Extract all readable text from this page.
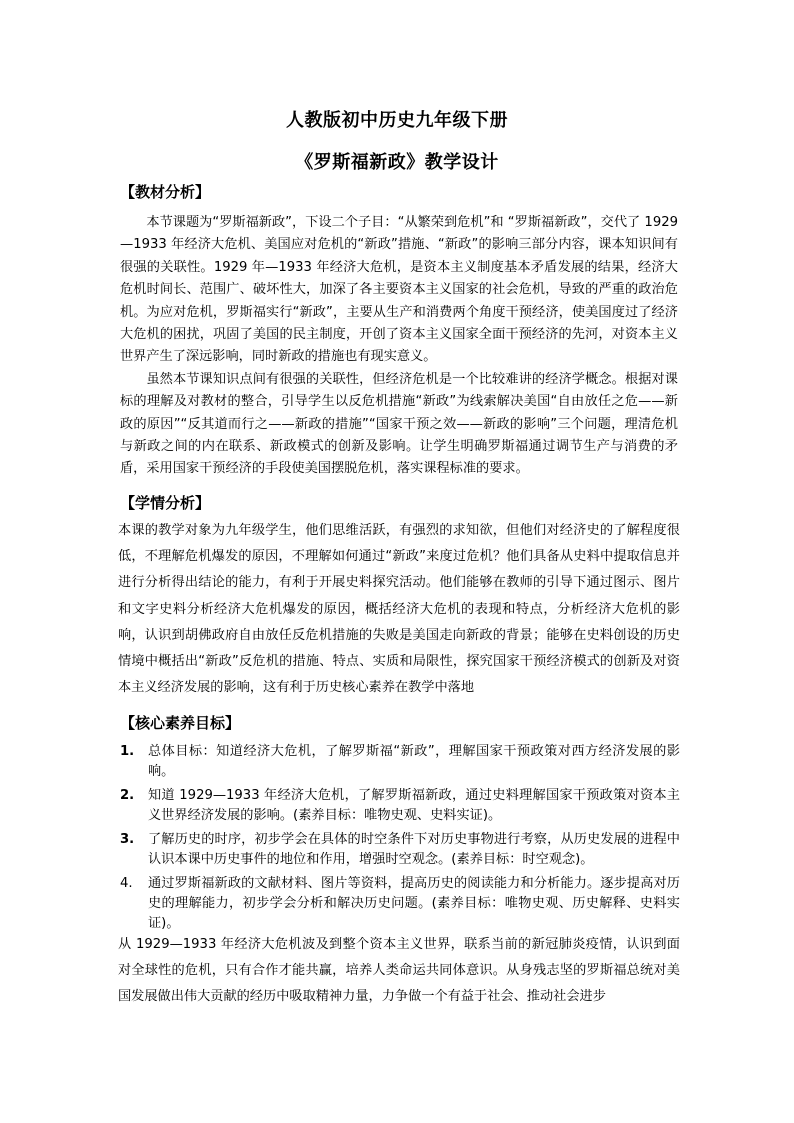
人教版初中历史九年级下册
《罗斯福新政》教学设计
【教材分析】

本节课题为“罗斯福新政”，下设二个子目：“从繁荣到危机”和 “罗斯福新政”，交代了 1929—1933 年经济大危机、美国应对危机的“新政”措施、“新政”的影响三部分内容，课本知识间有很强的关联性。1929 年—1933 年经济大危机，是资本主义制度基本矛盾发展的结果，经济大危机时间长、范围广、破坏性大，加深了各主要资本主义国家的社会危机，导致的严重的政治危机。为应对危机，罗斯福实行“新政”，主要从生产和消费两个角度干预经济，使美国度过了经济大危机的困扰，巩固了美国的民主制度，开创了资本主义国家全面干预经济的先河，对资本主义世界产生了深远影响，同时新政的措施也有现实意义。

虽然本节课知识点间有很强的关联性，但经济危机是一个比较难讲的经济学概念。根据对课标的理解及对教材的整合，引导学生以反危机措施“新政”为线索解决美国“自由放任之危——新政的原因”“反其道而行之——新政的措施”“国家干预之效——新政的影响”三个问题，理清危机与新政之间的内在联系、新政模式的创新及影响。让学生明确罗斯福通过调节生产与消费的矛盾，采用国家干预经济的手段使美国摆脱危机，落实课程标准的要求。

【学情分析】

本课的教学对象为九年级学生，他们思维活跃，有强烈的求知欲，但他们对经济史的了解程度很低，不理解危机爆发的原因，不理解如何通过“新政”来度过危机？他们具备从史料中提取信息并进行分析得出结论的能力，有利于开展史料探究活动。他们能够在教师的引导下通过图示、图片和文字史料分析经济大危机爆发的原因，概括经济大危机的表现和特点，分析经济大危机的影响，认识到胡佛政府自由放任反危机措施的失败是美国走向新政的背景；能够在史料创设的历史情境中概括出“新政”反危机的措施、特点、实质和局限性，探究国家干预经济模式的创新及对资本主义经济发展的影响，这有利于历史核心素养在教学中落地

【核心素养目标】
1. 总体目标：知道经济大危机，了解罗斯福“新政”，理解国家干预政策对西方经济发展的影响。
2. 知道 1929—1933 年经济大危机，了解罗斯福新政，通过史料理解国家干预政策对资本主义世界经济发展的影响。(素养目标：唯物史观、史料实证)。
3. 了解历史的时序，初步学会在具体的时空条件下对历史事物进行考察，从历史发展的进程中认识本课中历史事件的地位和作用，增强时空观念。(素养目标：时空观念)。
4. 通过罗斯福新政的文献材料、图片等资料，提高历史的阅读能力和分析能力。逐步提高对历史的理解能力，初步学会分析和解决历史问题。(素养目标：唯物史观、历史解释、史料实证)。
从 1929—1933 年经济大危机波及到整个资本主义世界，联系当前的新冠肺炎疫情，认识到面对全球性的危机，只有合作才能共赢，培养人类命运共同体意识。从身残志坚的罗斯福总统对美国发展做出伟大贡献的经历中吸取精神力量，力争做一个有益于社会、推动社会进步
